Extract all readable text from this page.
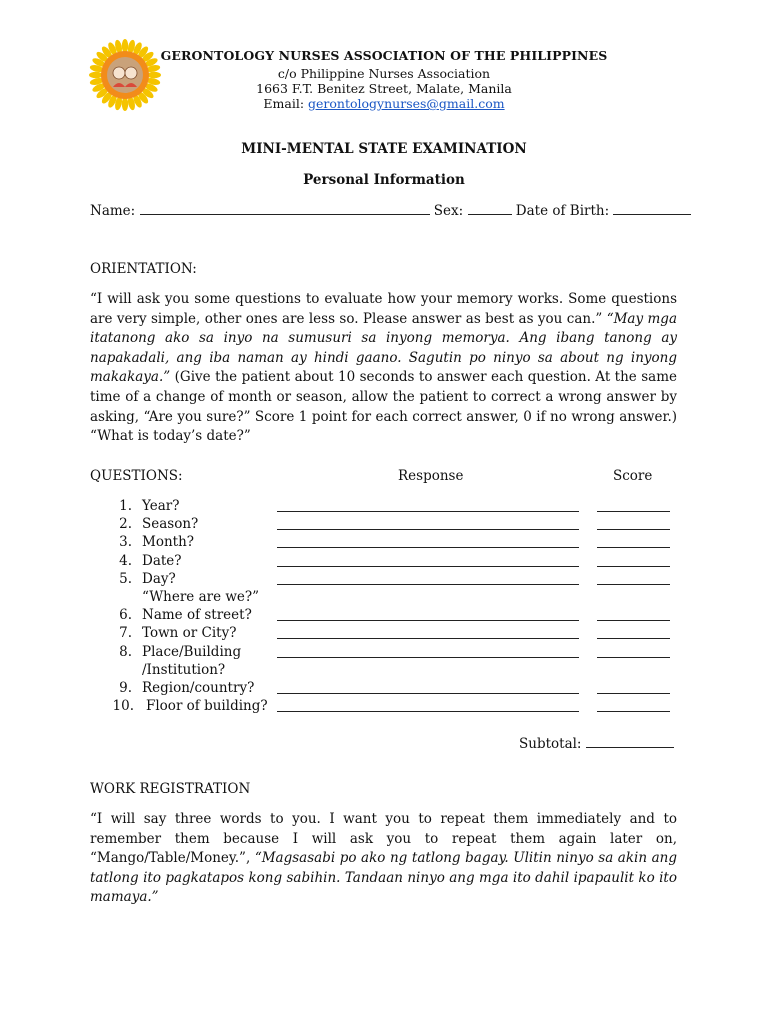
GERONTOLOGY NURSES ASSOCIATION OF THE PHILIPPINES
c/o Philippine Nurses Association
1663 F.T. Benitez Street, Malate, Manila
Email: gerontologynurses@gmail.com
MINI-MENTAL STATE EXAMINATION
Personal Information
Name:	Sex:	Date of Birth:
ORIENTATION:
“I will ask you some questions to evaluate how your memory works. Some questions are very simple, other ones are less so. Please answer as best as you can.” “May mga itatanong ako sa inyo na sumusuri sa inyong memorya. Ang ibang tanong ay napakadali, ang iba naman ay hindi gaano. Sagutin po ninyo sa about ng inyong makakaya.” (Give the patient about 10 seconds to answer each question. At the same time of a change of month or season, allow the patient to correct a wrong answer by asking, “Are you sure?” Score 1 point for each correct answer, 0 if no wrong answer.) “What is today’s date?”
QUESTIONS:	Response	Score
1. Year?
2. Season?
3. Month?
4. Date?
5. Day?
“Where are we?”
6. Name of street?
7. Town or City?
8. Place/Building
/Institution?
9. Region/country?
10. Floor of building?
Subtotal:
WORK REGISTRATION
“I will say three words to you. I want you to repeat them immediately and to remember them because I will ask you to repeat them again later on, “Mango/Table/Money.”, “Magsasabi po ako ng tatlong bagay. Ulitin ninyo sa akin ang tatlong ito pagkatapos kong sabihin. Tandaan ninyo ang mga ito dahil ipapaulit ko ito mamaya.”
